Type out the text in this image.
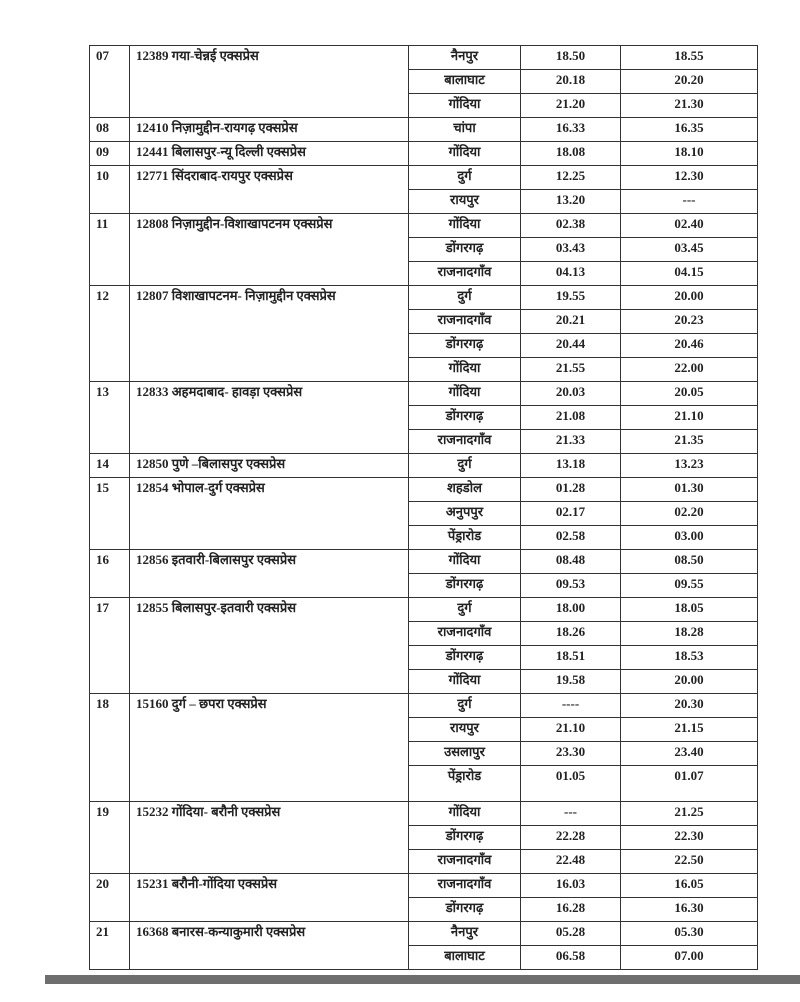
07	12389 गया-चेन्नई एक्सप्रेस	नैनपुर	18.50	18.55
		बालाघाट	20.18	20.20
		गोंदिया	21.20	21.30
08	12410 निज़ामुद्दीन-रायगढ़ एक्सप्रेस	चांपा	16.33	16.35
09	12441 बिलासपुर-न्यू दिल्ली एक्सप्रेस	गोंदिया	18.08	18.10
10	12771 सिंदराबाद-रायपुर एक्सप्रेस	दुर्ग	12.25	12.30
		रायपुर	13.20	---
11	12808 निज़ामुद्दीन-विशाखापटनम एक्सप्रेस	गोंदिया	02.38	02.40
		डोंगरगढ़	03.43	03.45
		राजनादगाँव	04.13	04.15
12	12807 विशाखापटनम- निज़ामुद्दीन एक्सप्रेस	दुर्ग	19.55	20.00
		राजनादगाँव	20.21	20.23
		डोंगरगढ़	20.44	20.46
		गोंदिया	21.55	22.00
13	12833 अहमदाबाद- हावड़ा एक्सप्रेस	गोंदिया	20.03	20.05
		डोंगरगढ़	21.08	21.10
		राजनादगाँव	21.33	21.35
14	12850 पुणे –बिलासपुर एक्सप्रेस	दुर्ग	13.18	13.23
15	12854 भोपाल-दुर्ग एक्सप्रेस	शहडोल	01.28	01.30
		अनुपपुर	02.17	02.20
		पेंड्रारोड	02.58	03.00
16	12856 इतवारी-बिलासपुर एक्सप्रेस	गोंदिया	08.48	08.50
		डोंगरगढ़	09.53	09.55
17	12855 बिलासपुर-इतवारी एक्सप्रेस	दुर्ग	18.00	18.05
		राजनादगाँव	18.26	18.28
		डोंगरगढ़	18.51	18.53
		गोंदिया	19.58	20.00
18	15160 दुर्ग – छपरा एक्सप्रेस	दुर्ग	----	20.30
		रायपुर	21.10	21.15
		उसलापुर	23.30	23.40
		पेंड्रारोड	01.05	01.07
19	15232 गोंदिया- बरौनी एक्सप्रेस	गोंदिया	---	21.25
		डोंगरगढ़	22.28	22.30
		राजनादगाँव	22.48	22.50
20	15231 बरौनी-गोंदिया एक्सप्रेस	राजनादगाँव	16.03	16.05
		डोंगरगढ़	16.28	16.30
21	16368 बनारस-कन्याकुमारी एक्सप्रेस	नैनपुर	05.28	05.30
		बालाघाट	06.58	07.00
